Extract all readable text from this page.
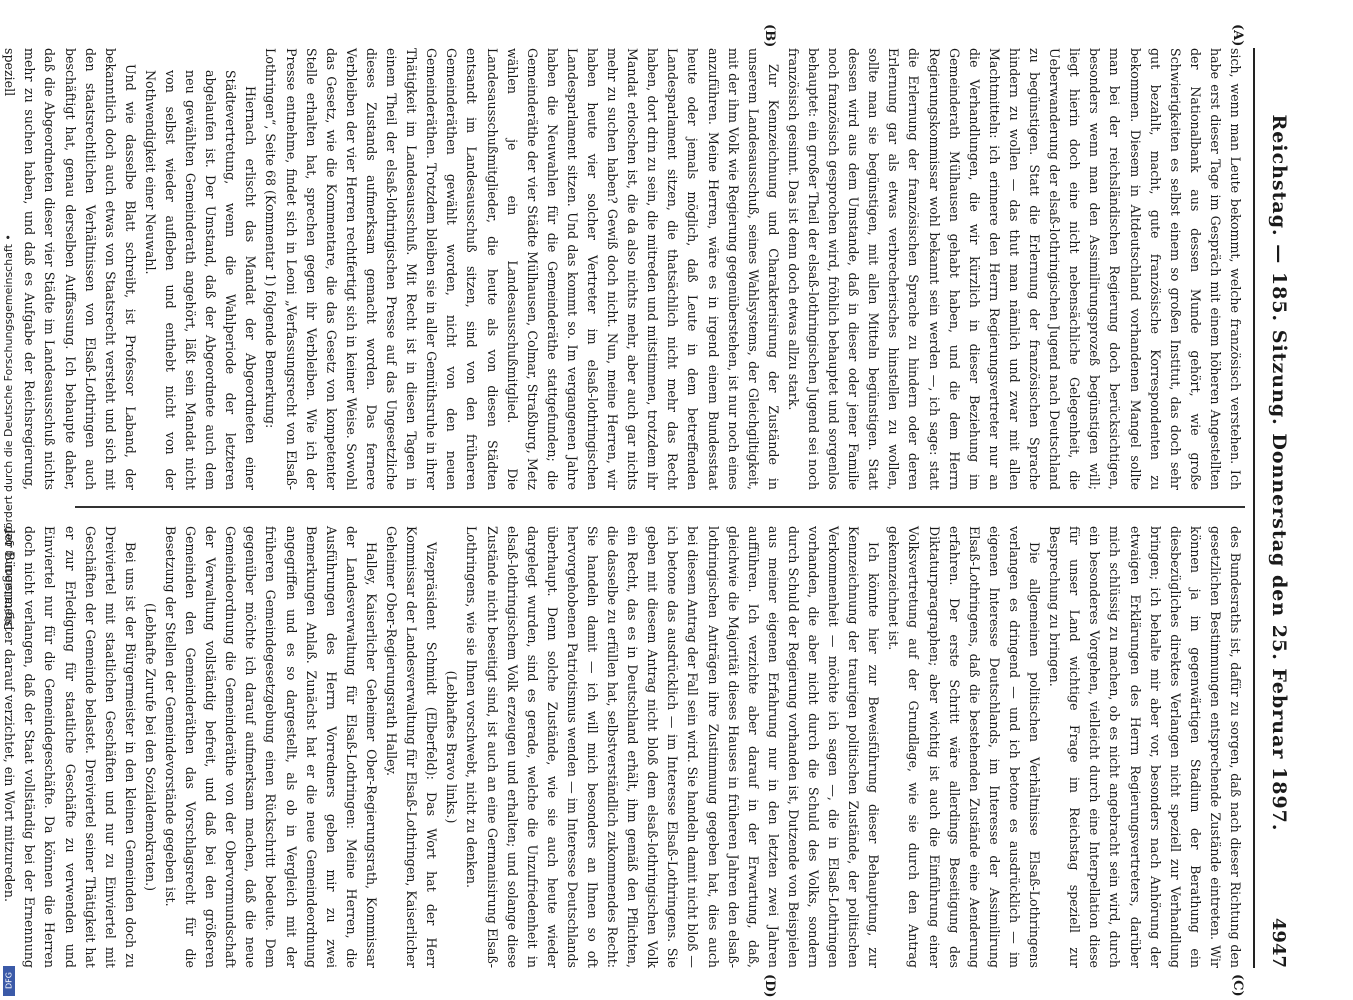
Reichstag. — 185. Sitzung. Donnerstag den 25. Februar 1897.
4947
(A)
(B)
(C)
(D)

sich, wenn man Leute bekommt, welche französisch verstehen. Ich habe erst dieser Tage im Gespräch mit einem höheren Angestellten der Nationalbank aus dessen Munde gehört, wie große Schwierigkeiten es selbst einem so großen Institut, das doch sehr gut bezahlt, macht, gute französische Korrespondenten zu bekommen. Diesem in Altdeutschland vorhandenen Mangel sollte man bei der reichsländischen Regierung doch berücksichtigen, besonders wenn man den Assimilirungsprozeß begünstigen will; liegt hierin doch eine nicht nebensächliche Gelegenheit, die Ueberwanderung der elsaß-lothringischen Jugend nach Deutschland zu begünstigen. Statt die Erlernung der französischen Sprache hindern zu wollen — das thut man nämlich und zwar mit allen Machtmitteln: ich erinnere den Herrn Regierungsvertreter nur an die Verhandlungen, die wir kürzlich in dieser Beziehung im Gemeinderath Mülhausen gehabt haben, und die dem Herrn Regierungskommissar wohl bekannt sein werden —, ich sage: statt die Erlernung der französischen Sprache zu hindern oder deren Erlernung gar als etwas verbrecherisches hinstellen zu wollen, sollte man sie begünstigen, mit allen Mitteln begünstigen. Statt dessen wird aus dem Umstande, daß in dieser oder jener Familie noch französisch gesprochen wird, fröhlich behauptet und sorgenlos behauptet: ein großer Theil der elsaß-lothringischen Jugend sei noch französisch gesinnt. Das ist denn doch etwas allzu stark.

Zur Kennzeichnung und Charakterisirung der Zustände in unserem Landesausschuß, seines Wahlsystems, der Gleichgiltigkeit, mit der ihm Volk wie Regierung gegenüberstehen, ist nur noch eines anzuführen. Meine Herren, wäre es in irgend einem Bundesstaat heute oder jemals möglich, daß Leute in dem betreffenden Landesparlament sitzen, die thatsächlich nicht mehr das Recht haben, dort drin zu sein, die mitreden und mitstimmen, trotzdem ihr Mandat erloschen ist, die da also nichts mehr, aber auch gar nichts mehr zu suchen haben? Gewiß doch nicht. Nun, meine Herren, wir haben heute vier solcher Vertreter im elsaß-lothringischen Landesparlament sitzen. Und das kommt so. Im vergangenen Jahre haben die Neuwahlen für die Gemeinderäthe stattgefunden; die Gemeinderäthe der vier Städte Mülhausen, Colmar, Straßburg, Metz wählen je ein Landesausschußmitglied. Die Landesausschußmitglieder, die heute als von diesen Städten entsandt im Landesausschuß sitzen, sind von den früheren Gemeinderäthen gewählt worden, nicht von den neuen Gemeinderäthen. Trotzdem bleiben sie in aller Gemüthsruhe in ihrer Thätigkeit im Landesausschuß. Mit Recht ist in diesen Tagen in einem Theil der elsaß-lothringischen Presse auf das Ungesetzliche dieses Zustands aufmerksam gemacht worden. Das fernere Verbleiben der vier Herren rechtfertigt sich in keiner Weise. Sowohl das Gesetz, wie die Kommentare, die das Gesetz von kompetenter Stelle erhalten hat, sprechen gegen ihr Verbleiben. Wie ich der Presse entnehme, findet sich in Leoni „Verfassungsrecht von Elsaß-Lothringen“, Seite 68 (Kommentar 1) folgende Bemerkung:

Hiernach erlischt das Mandat der Abgeordneten einer Städtevertretung, wenn die Wahlperiode der letzteren abgelaufen ist. Der Umstand, daß der Abgeordnete auch dem neu gewählten Gemeinderath angehört, läßt sein Mandat nicht von selbst wieder aufleben und enthebt nicht von der Nothwendigkeit einer Neuwahl.

Und wie dasselbe Blatt schreibt, ist Professor Laband, der bekanntlich doch auch etwas von Staatsrecht versteht und sich mit den staatsrechtlichen Verhältnissen von Elsaß-Lothringen auch beschäftigt hat, genau derselben Auffassung. Ich behaupte daher, daß die Abgeordneten dieser vier Städte im Landesausschuß nichts mehr zu suchen haben, und daß es Aufgabe der Reichsregierung, speziell

des Bundesraths ist, dafür zu sorgen, daß nach dieser Richtung den gesetzlichen Bestimmungen entsprechende Zustände eintreten. Wir können ja im gegenwärtigen Stadium der Berathung ein diesbezügliches direktes Verlangen nicht speziell zur Verhandlung bringen; ich behalte mir aber vor, besonders nach Anhörung der etwaigen Erklärungen des Herrn Regierungsvertreters, darüber mich schlüssig zu machen, ob es nicht angebracht sein wird, durch ein besonderes Vorgehen, vielleicht durch eine Interpellation diese für unser Land wichtige Frage im Reichstag speziell zur Besprechung zu bringen.

Die allgemeinen politischen Verhältnisse Elsaß-Lothringens verlangen es dringend — und ich betone es ausdrücklich — im eigenen Interesse Deutschlands, im Interesse der Assimilirung Elsaß-Lothringens, daß die bestehenden Zustände eine Aenderung erfahren. Der erste Schritt wäre allerdings Beseitigung des Diktaturparagraphen; aber wichtig ist auch die Einführung einer Volksvertretung auf der Grundlage, wie sie durch den Antrag gekennzeichnet ist.

Ich könnte hier zur Beweisführung dieser Behauptung, zur Kennzeichnung der traurigen politischen Zustände, der politischen Verkommenheit — möchte ich sagen —, die in Elsaß-Lothringen vorhanden, die aber nicht durch die Schuld des Volks, sondern durch Schuld der Regierung vorhanden ist, Dutzende von Beispielen aus meiner eigenen Erfahrung nur in den letzten zwei Jahren aufführen. Ich verzichte aber darauf in der Erwartung, daß, gleichwie die Majorität dieses Hauses in früheren Jahren den elsaß-lothringischen Anträgen ihre Zustimmung gegeben hat, dies auch bei diesem Antrag der Fall sein wird. Sie handeln damit nicht bloß — ich betone das ausdrücklich — im Interesse Elsaß-Lothringens. Sie geben mit diesem Antrag nicht bloß dem elsaß-lothringischen Volk ein Recht, das es in Deutschland erhält, ihm gemäß den Pflichten, die dasselbe zu erfüllen hat, selbstverständlich zukommendes Recht: Sie handeln damit — ich will mich besonders an Ihnen so oft hervorgehobenen Patriotismus wenden — im Interesse Deutschlands überhaupt. Denn solche Zustände, wie sie auch heute wieder dargelegt wurden, sind es gerade, welche die Unzufriedenheit in elsaß-lothringischem Volk erzeugen und erhalten; und solange diese Zustände nicht beseitigt sind, ist auch an eine Germanisirung Elsaß-Lothringens, wie sie Ihnen vorschwebt, nicht zu denken.

(Lebhaftes Bravo links.)

Vizepräsident Schmidt (Elberfeld): Das Wort hat der Herr Kommissar der Landesverwaltung für Elsaß-Lothringen, Kaiserlicher Geheimer Ober-Regierungsrath Halley.

Halley, Kaiserlicher Geheimer Ober-Regierungsrath, Kommissar der Landesverwaltung für Elsaß-Lothringen: Meine Herren, die Ausführungen des Herrn Vorredners geben mir zu zwei Bemerkungen Anlaß. Zunächst hat er die neue Gemeindeordnung angegriffen und es so dargestellt, als ob in Vergleich mit der früheren Gemeindegesetzgebung einen Rückschritt bedeute. Dem gegenüber möchte ich darauf aufmerksam machen, daß die neue Gemeindeordnung die Gemeinderäthe von der Obervormundschaft der Verwaltung vollständig befreit, und daß bei den größeren Gemeinden den Gemeinderäthen das Vorschlagsrecht für die Besetzung der Stellen der Gemeindevorstände gegeben ist.

(Lebhafte Zurufe bei den Sozialdemokraten.)

Bei uns ist der Bürgermeister in den kleinen Gemeinden doch zu Dreiviertel mit staatlichen Geschäften und nur zu Einviertel mit Geschäften der Gemeinde belastet. Dreiviertel seiner Thätigkeit hat er zur Erledigung für staatliche Geschäfte zu verwenden und Einviertel nur für die Gemeindegeschäfte. Da können die Herren doch nicht verlangen, daß der Staat vollständig bei der Ernennung der Bürgermeister darauf verzichtet, ein Wort mitzureden.

Digitalisierung gefördert durch die Deutsche Forschungsgemeinschaft •
DFG
